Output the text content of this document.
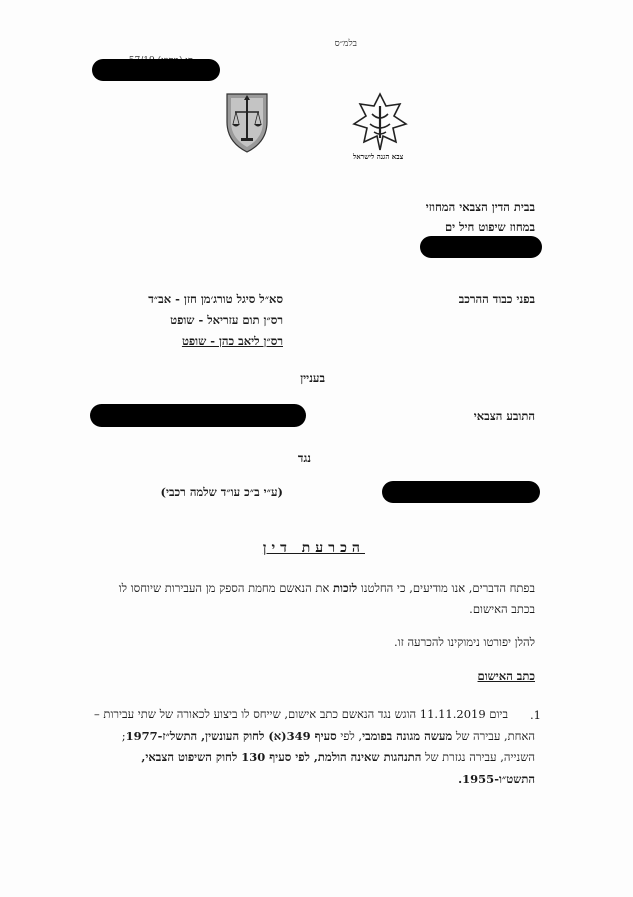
בלמ״ס
צבא הגנה לישראל
בבית הדין הצבאי המחוזי
במחוז שיפוט חיל ים
בפני כבוד ההרכב
סא״ל סיגל טורג׳מן חזן - אב״ד
רס״ן תום עזריאל - שופט
רס״ן ליאב כהן - שופט
בעניין
התובע הצבאי
נגד
(ע״י ב״כ עו״ד שלמה רכבי)
הכרעת דין
בפתח הדברים, אנו מודיעים, כי החלטנו לזכות את הנאשם מחמת הספק מן העבירות שיוחסו לו
בכתב האישום.
להלן יפורטו נימוקינו להכרעה זו.
כתב האישום
1.
ביום 11.11.2019 הוגש נגד הנאשם כתב אישום, שייחס לו ביצוע לכאורה של שתי עבירות –
האחת, עבירה של מעשה מגונה בפומבי, לפי סעיף 349(א) לחוק העונשין, התשל״ז-1977;
השנייה, עבירה נגזרת של התנהגות שאינה הולמת, לפי סעיף 130 לחוק השיפוט הצבאי,
התשט״ו-1955.
